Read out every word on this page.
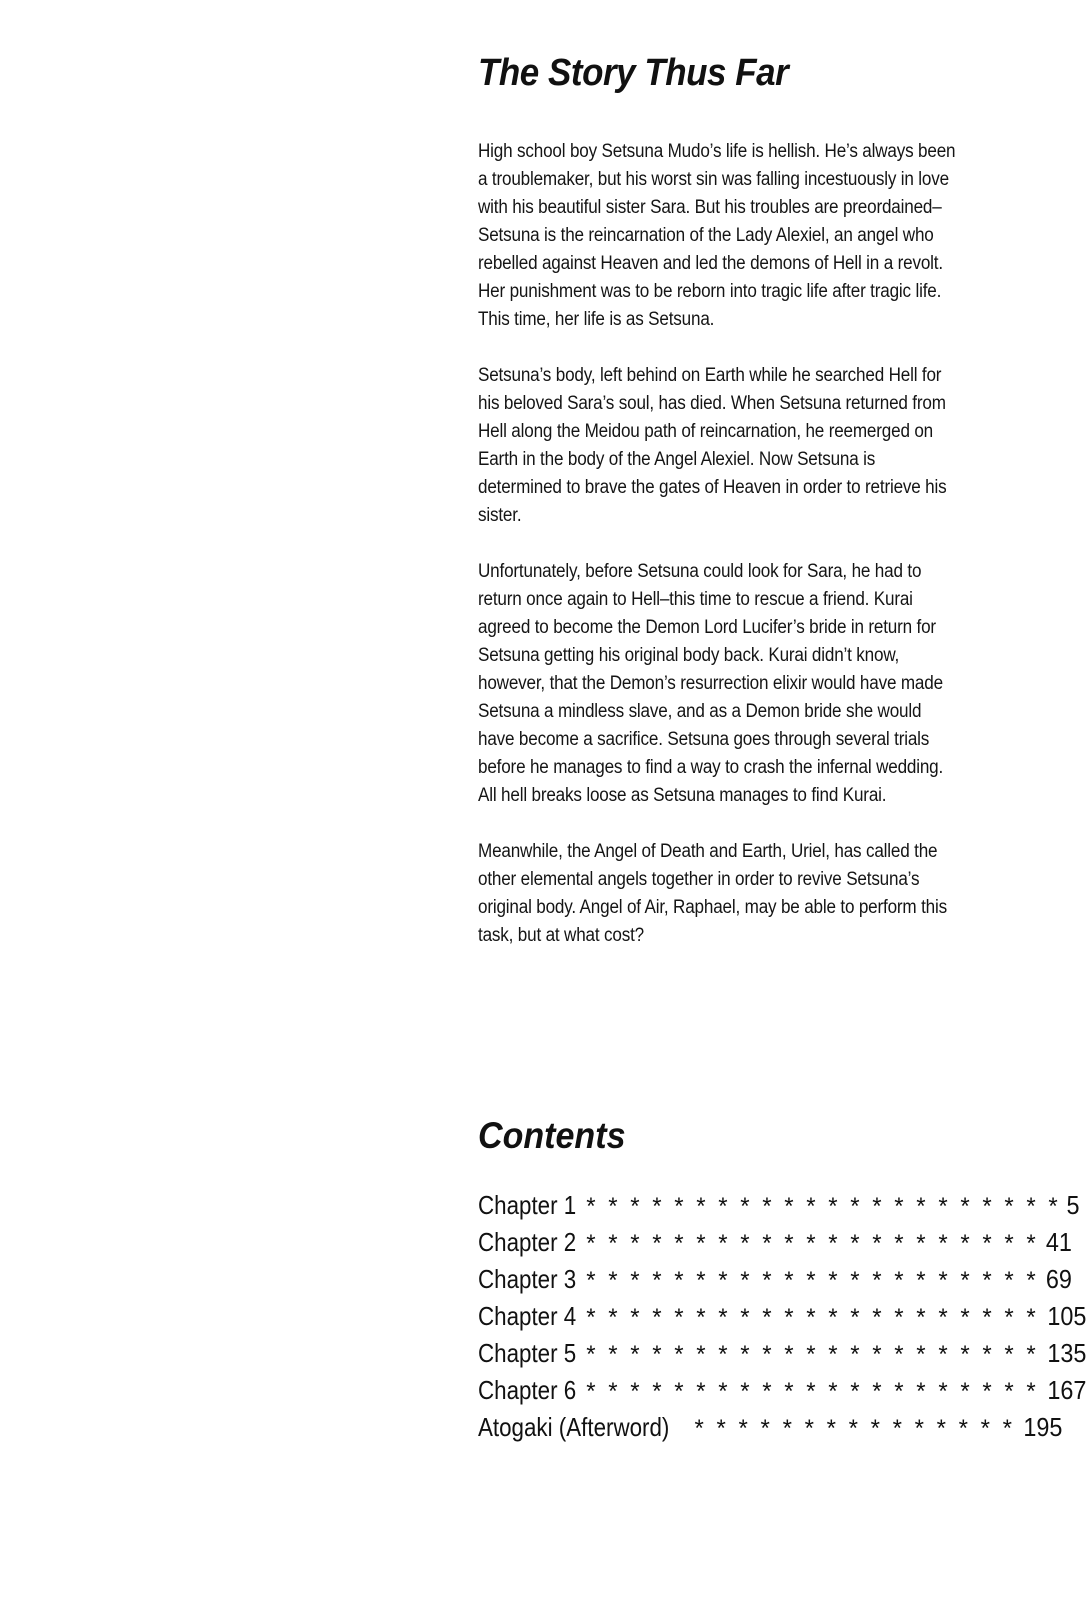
The Story Thus Far

High school boy Setsuna Mudo’s life is hellish. He’s always been a troublemaker, but his worst sin was falling incestuously in love with his beautiful sister Sara. But his troubles are preordained–Setsuna is the reincarnation of the Lady Alexiel, an angel who rebelled against Heaven and led the demons of Hell in a revolt. Her punishment was to be reborn into tragic life after tragic life. This time, her life is as Setsuna.

Setsuna’s body, left behind on Earth while he searched Hell for his beloved Sara’s soul, has died. When Setsuna returned from Hell along the Meidou path of reincarnation, he reemerged on Earth in the body of the Angel Alexiel. Now Setsuna is determined to brave the gates of Heaven in order to retrieve his sister.

Unfortunately, before Setsuna could look for Sara, he had to return once again to Hell–this time to rescue a friend. Kurai agreed to become the Demon Lord Lucifer’s bride in return for Setsuna getting his original body back. Kurai didn’t know, however, that the Demon’s resurrection elixir would have made Setsuna a mindless slave, and as a Demon bride she would have become a sacrifice. Setsuna goes through several trials before he manages to find a way to crash the infernal wedding. All hell breaks loose as Setsuna manages to find Kurai.

Meanwhile, the Angel of Death and Earth, Uriel, has called the other elemental angels together in order to revive Setsuna’s original body. Angel of Air, Raphael, may be able to perform this task, but at what cost?

Contents
Chapter 1 * * * * * * * * * * * * * * * * * * * * * * 5
Chapter 2 * * * * * * * * * * * * * * * * * * * * * 41
Chapter 3 * * * * * * * * * * * * * * * * * * * * * 69
Chapter 4 * * * * * * * * * * * * * * * * * * * * * 105
Chapter 5 * * * * * * * * * * * * * * * * * * * * * 135
Chapter 6 * * * * * * * * * * * * * * * * * * * * * 167
Atogaki (Afterword)	* * * * * * * * * * * * * * * 195
